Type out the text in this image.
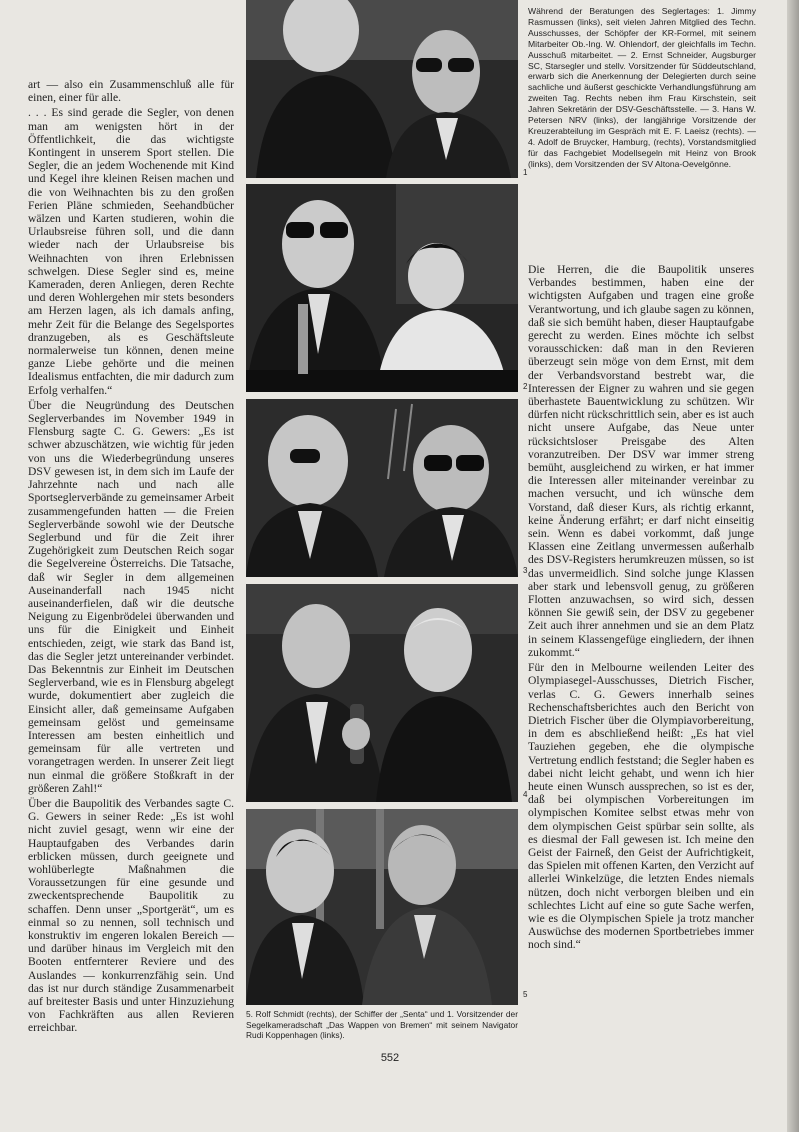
art — also ein Zusammenschluß alle für einen, einer für alle.

. . . Es sind gerade die Segler, von denen man am wenigsten hört in der Öffentlichkeit, die das wichtigste Kontingent in unserem Sport stellen. Die Segler, die an jedem Wochenende mit Kind und Kegel ihre kleinen Reisen machen und die von Weihnachten bis zu den großen Ferien Pläne schmieden, Seehandbücher wälzen und Karten studieren, wohin die Urlaubsreise führen soll, und die dann wieder nach der Urlaubsreise bis Weihnachten von ihren Erlebnissen schwelgen. Diese Segler sind es, meine Kameraden, deren Anliegen, deren Rechte und deren Wohlergehen mir stets besonders am Herzen lagen, als ich damals anfing, mehr Zeit für die Belange des Segelsportes dranzugeben, als es Geschäftsleute normalerweise tun können, denen meine ganze Liebe gehörte und die meinen Idealismus entfachten, die mir dadurch zum Erfolg verhalfen.“

Über die Neugründung des Deutschen Seglerverbandes im November 1949 in Flensburg sagte C. G. Gewers: „Es ist schwer abzuschätzen, wie wichtig für jeden von uns die Wiederbegründung unseres DSV gewesen ist, in dem sich im Laufe der Jahrzehnte nach und nach alle Sportseglerverbände zu gemeinsamer Arbeit zusammengefunden hatten — die Freien Seglerverbände sowohl wie der Deutsche Seglerbund und für die Zeit ihrer Zugehörigkeit zum Deutschen Reich sogar die Segelvereine Österreichs. Die Tatsache, daß wir Segler in dem allgemeinen Auseinanderfall nach 1945 nicht auseinanderfielen, daß wir die deutsche Neigung zu Eigenbrödelei überwanden und uns für die Einigkeit und Einheit entschieden, zeigt, wie stark das Band ist, das die Segler jetzt untereinander verbindet. Das Bekenntnis zur Einheit im Deutschen Seglerverband, wie es in Flensburg abgelegt wurde, dokumentiert aber zugleich die Einsicht aller, daß gemeinsame Aufgaben gemeinsam gelöst und gemeinsame Interessen am besten einheitlich und gemeinsam für alle vertreten und vorangetragen werden. In unserer Zeit liegt nun einmal die größere Stoßkraft in der größeren Zahl!“

Über die Baupolitik des Verbandes sagte C. G. Gewers in seiner Rede: „Es ist wohl nicht zuviel gesagt, wenn wir eine der Hauptaufgaben des Verbandes darin erblicken müssen, durch geeignete und wohlüberlegte Maßnahmen die Voraussetzungen für eine gesunde und zweckentsprechende Baupolitik zu schaffen. Denn unser „Sportgerät“, um es einmal so zu nennen, soll technisch und konstruktiv im engeren lokalen Bereich — und darüber hinaus im Vergleich mit den Booten entfernterer Reviere und des Auslandes — konkurrenzfähig sein. Und das ist nur durch ständige Zusammenarbeit auf breitester Basis und unter Hinzuziehung von Fachkräften aus allen Revieren erreichbar.

1
2
3
4
5
Während der Beratungen des Seglertages: 1. Jimmy Rasmussen (links), seit vielen Jahren Mitglied des Techn. Ausschusses, der Schöpfer der KR-Formel, mit seinem Mitarbeiter Ob.-Ing. W. Ohlendorf, der gleichfalls im Techn. Ausschuß mitarbeitet. — 2. Ernst Schneider, Augsburger SC, Starsegler und stellv. Vorsitzender für Süddeutschland, erwarb sich die Anerkennung der Delegierten durch seine sachliche und äußerst geschickte Verhandlungsführung am zweiten Tag. Rechts neben ihm Frau Kirschstein, seit Jahren Sekretärin der DSV-Geschäftsstelle. — 3. Hans W. Petersen NRV (links), der langjährige Vorsitzende der Kreuzerabteilung im Gespräch mit E. F. Laeisz (rechts). — 4. Adolf de Bruycker, Hamburg, (rechts), Vorstandsmitglied für das Fachgebiet Modellsegeln mit Heinz von Brook (links), dem Vorsitzenden der SV Altona-Oevelgönne.

Die Herren, die die Baupolitik unseres Verbandes bestimmen, haben eine der wichtigsten Aufgaben und tragen eine große Verantwortung, und ich glaube sagen zu können, daß sie sich bemüht haben, dieser Hauptaufgabe gerecht zu werden. Eines möchte ich selbst vorausschicken: daß man in den Revieren überzeugt sein möge von dem Ernst, mit dem der Verbandsvorstand bestrebt war, die Interessen der Eigner zu wahren und sie gegen überhastete Bauentwicklung zu schützen. Wir dürfen nicht rückschrittlich sein, aber es ist auch nicht unsere Aufgabe, das Neue unter rücksichtsloser Preisgabe des Alten voranzutreiben. Der DSV war immer streng bemüht, ausgleichend zu wirken, er hat immer die Interessen aller miteinander vereinbar zu machen versucht, und ich wünsche dem Vorstand, daß dieser Kurs, als richtig erkannt, keine Änderung erfährt; er darf nicht einseitig sein. Wenn es dabei vorkommt, daß junge Klassen eine Zeitlang unvermessen außerhalb des DSV-Registers herumkreuzen müssen, so ist das unvermeidlich. Sind solche junge Klassen aber stark und lebensvoll genug, zu größeren Flotten anzuwachsen, so wird sich, dessen können Sie gewiß sein, der DSV zu gegebener Zeit auch ihrer annehmen und sie an dem Platz in seinem Klassengefüge eingliedern, der ihnen zukommt.“

Für den in Melbourne weilenden Leiter des Olympiasegel-Ausschusses, Dietrich Fischer, verlas C. G. Gewers innerhalb seines Rechenschaftsberichtes auch den Bericht von Dietrich Fischer über die Olympiavorbereitung, in dem es abschließend heißt: „Es hat viel Tauziehen gegeben, ehe die olympische Vertretung endlich feststand; die Segler haben es dabei nicht leicht gehabt, und wenn ich hier heute einen Wunsch aussprechen, so ist es der, daß bei olympischen Vorbereitungen im olympischen Komitee selbst etwas mehr von dem olympischen Geist spürbar sein sollte, als es diesmal der Fall gewesen ist. Ich meine den Geist der Fairneß, den Geist der Aufrichtigkeit, das Spielen mit offenen Karten, den Verzicht auf allerlei Winkelzüge, die letzten Endes niemals nützen, doch nicht verborgen bleiben und ein schlechtes Licht auf eine so gute Sache werfen, wie es die Olympischen Spiele ja trotz mancher Auswüchse des modernen Sportbetriebes immer noch sind.“

5. Rolf Schmidt (rechts), der Schiffer der „Senta“ und 1. Vorsitzender der Segelkameradschaft „Das Wappen von Bremen“ mit seinem Navigator Rudi Koppenhagen (links).
552
